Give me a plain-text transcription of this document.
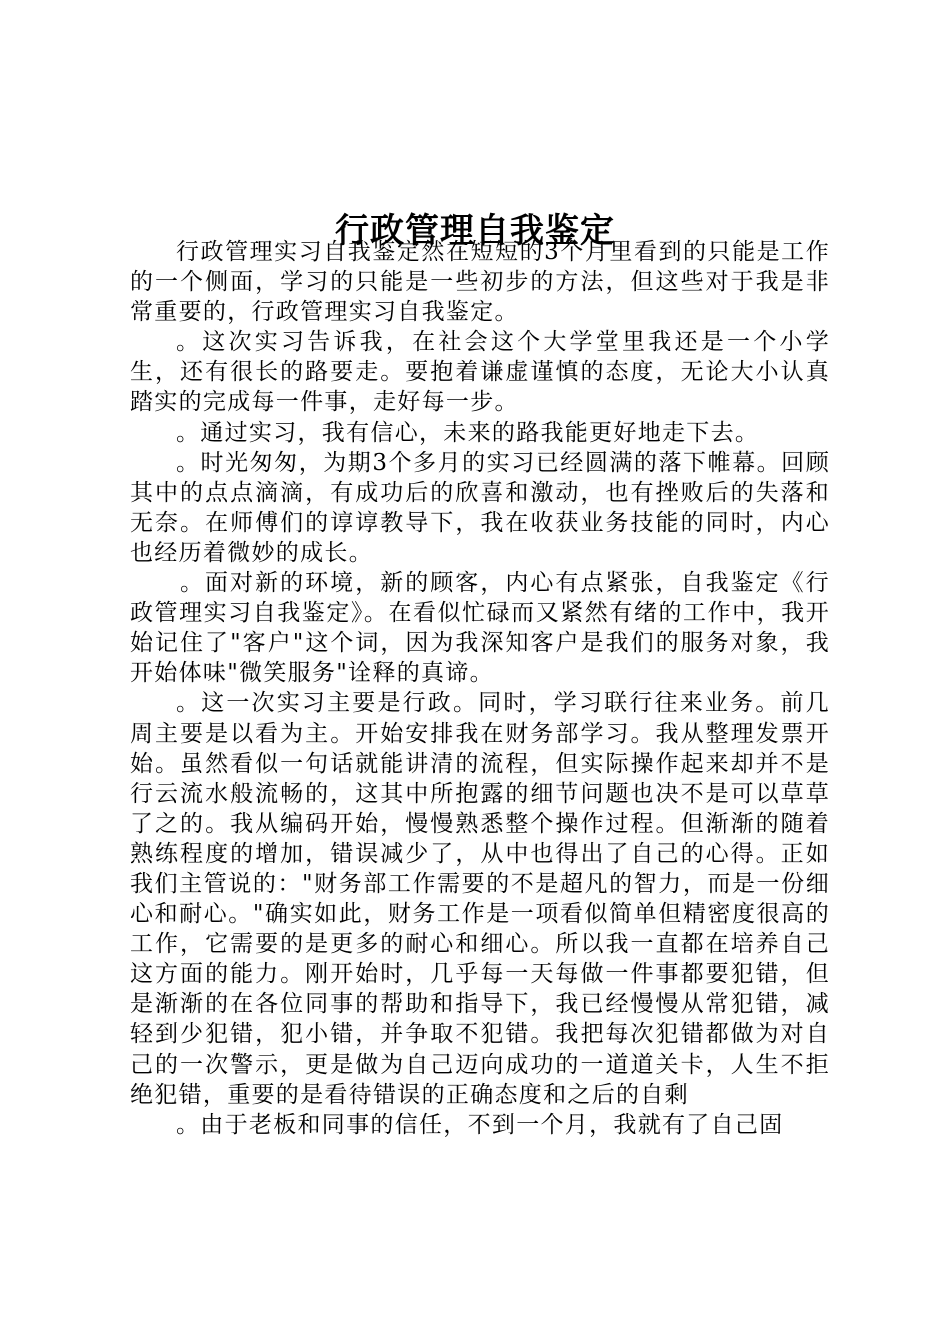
行政管理自我鉴定

行政管理实习自我鉴定然在短短的3个月里看到的只能是工作的一个侧面，学习的只能是一些初步的方法，但这些对于我是非常重要的，行政管理实习自我鉴定。

。这次实习告诉我，在社会这个大学堂里我还是一个小学生，还有很长的路要走。要抱着谦虚谨慎的态度，无论大小认真踏实的完成每一件事，走好每一步。

。通过实习，我有信心，未来的路我能更好地走下去。

。时光匆匆，为期3个多月的实习已经圆满的落下帷幕。回顾其中的点点滴滴，有成功后的欣喜和激动，也有挫败后的失落和无奈。在师傅们的谆谆教导下，我在收获业务技能的同时，内心也经历着微妙的成长。

。面对新的环境，新的顾客，内心有点紧张，自我鉴定《行政管理实习自我鉴定》。在看似忙碌而又紧然有绪的工作中，我开始记住了"客户"这个词，因为我深知客户是我们的服务对象，我开始体味"微笑服务"诠释的真谛。

。这一次实习主要是行政。同时，学习联行往来业务。前几周主要是以看为主。开始安排我在财务部学习。我从整理发票开始。虽然看似一句话就能讲清的流程，但实际操作起来却并不是行云流水般流畅的，这其中所抱露的细节问题也决不是可以草草了之的。我从编码开始，慢慢熟悉整个操作过程。但渐渐的随着熟练程度的增加，错误减少了，从中也得出了自己的心得。正如我们主管说的："财务部工作需要的不是超凡的智力，而是一份细心和耐心。"确实如此，财务工作是一项看似简单但精密度很高的工作，它需要的是更多的耐心和细心。所以我一直都在培养自己这方面的能力。刚开始时，几乎每一天每做一件事都要犯错，但是渐渐的在各位同事的帮助和指导下，我已经慢慢从常犯错，减轻到少犯错，犯小错，并争取不犯错。我把每次犯错都做为对自己的一次警示，更是做为自己迈向成功的一道道关卡，人生不拒绝犯错，重要的是看待错误的正确态度和之后的自剩

。由于老板和同事的信任，不到一个月，我就有了自己固
